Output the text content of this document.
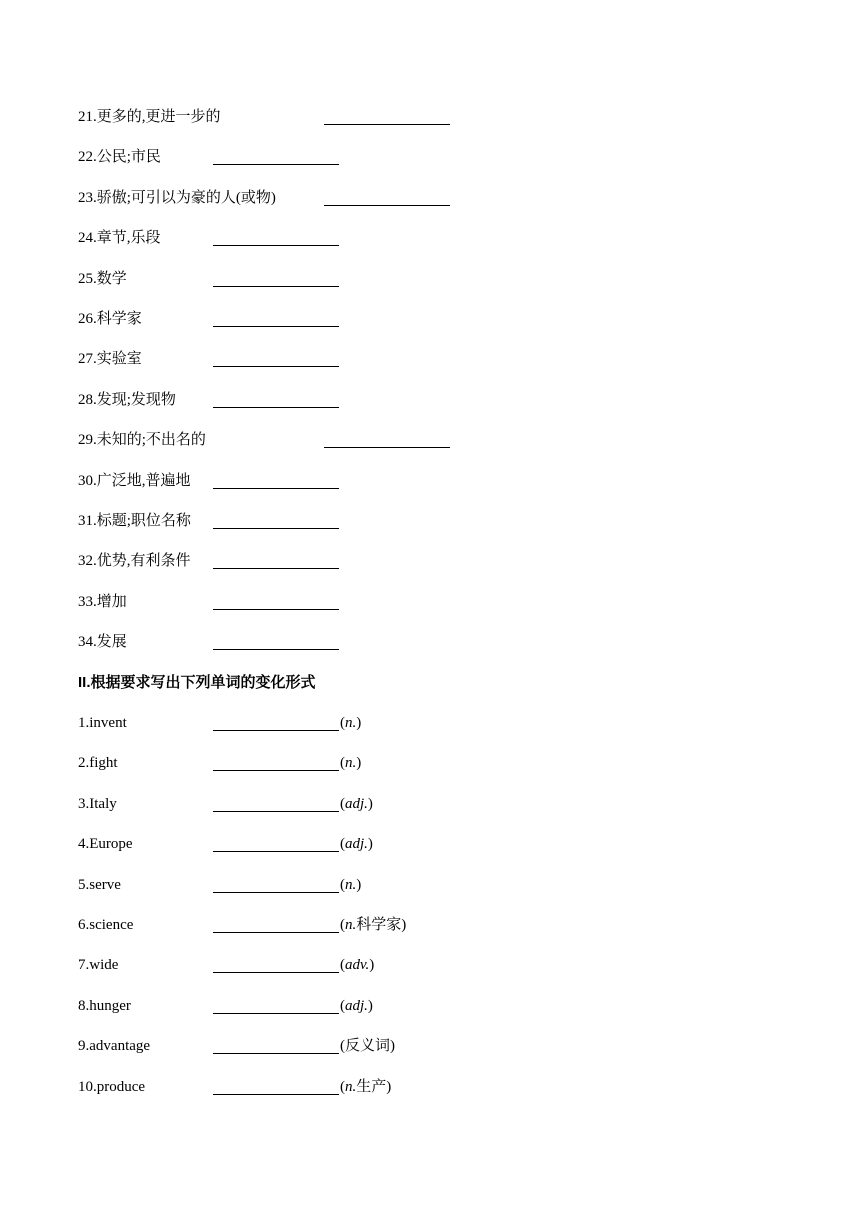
21.更多的,更进一步的
22.公民;市民
23.骄傲;可引以为豪的人(或物)
24.章节,乐段
25.数学
26.科学家
27.实验室
28.发现;发现物
29.未知的;不出名的
30.广泛地,普遍地
31.标题;职位名称
32.优势,有利条件
33.增加
34.发展
II.根据要求写出下列单词的变化形式
1.invent	(n.)
2.fight	(n.)
3.Italy	(adj.)
4.Europe	(adj.)
5.serve	(n.)
6.science	(n.科学家)
7.wide	(adv.)
8.hunger	(adj.)
9.advantage	(反义词)
10.produce	(n.生产)
